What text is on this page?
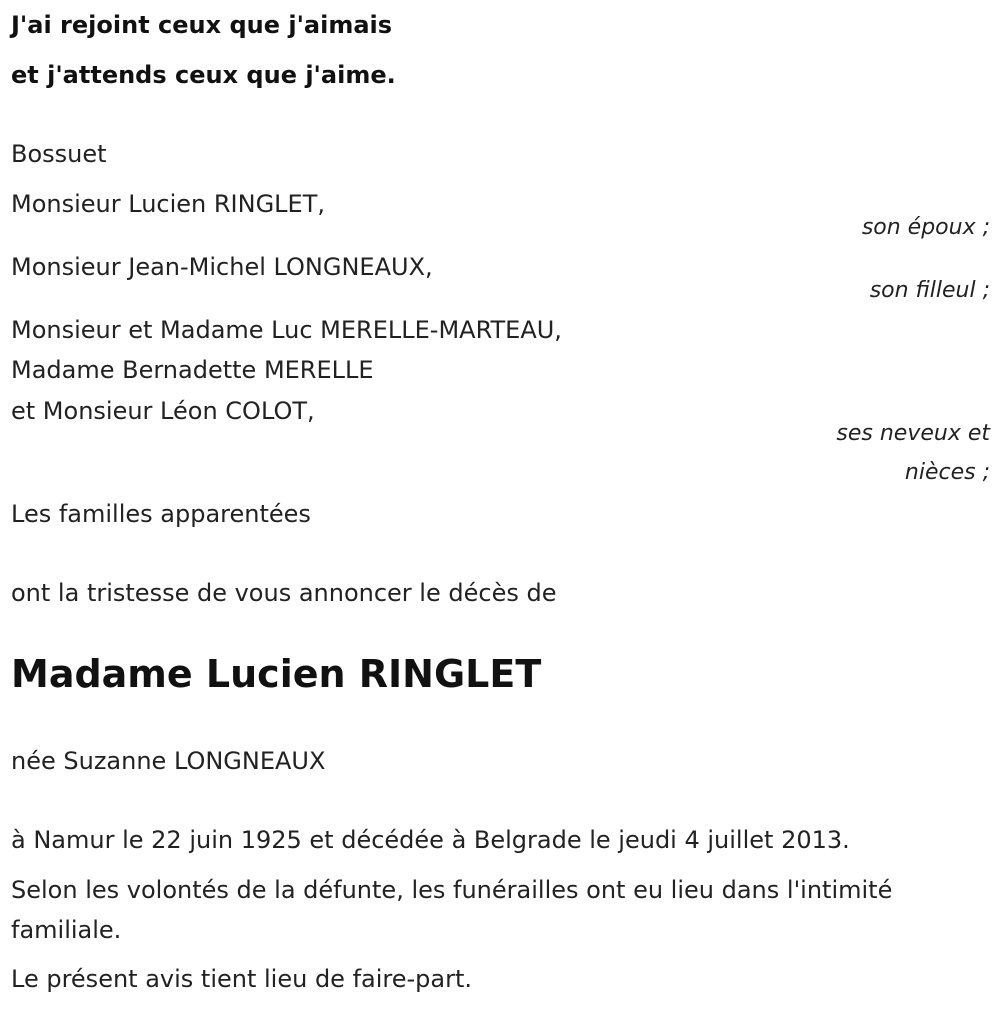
J'ai rejoint ceux que j'aimais
et j'attends ceux que j'aime.
Bossuet
Monsieur Lucien RINGLET,
son époux ;
Monsieur Jean-Michel LONGNEAUX,
son filleul ;
Monsieur et Madame Luc MERELLE-MARTEAU,
Madame Bernadette MERELLE
et Monsieur Léon COLOT,
ses neveux et
nièces ;
Les familles apparentées
ont la tristesse de vous annoncer le décès de
Madame Lucien RINGLET
née Suzanne LONGNEAUX
à Namur le 22 juin 1925 et décédée à Belgrade le jeudi 4 juillet 2013.
Selon les volontés de la défunte, les funérailles ont eu lieu dans l'intimité
familiale.
Le présent avis tient lieu de faire-part.
